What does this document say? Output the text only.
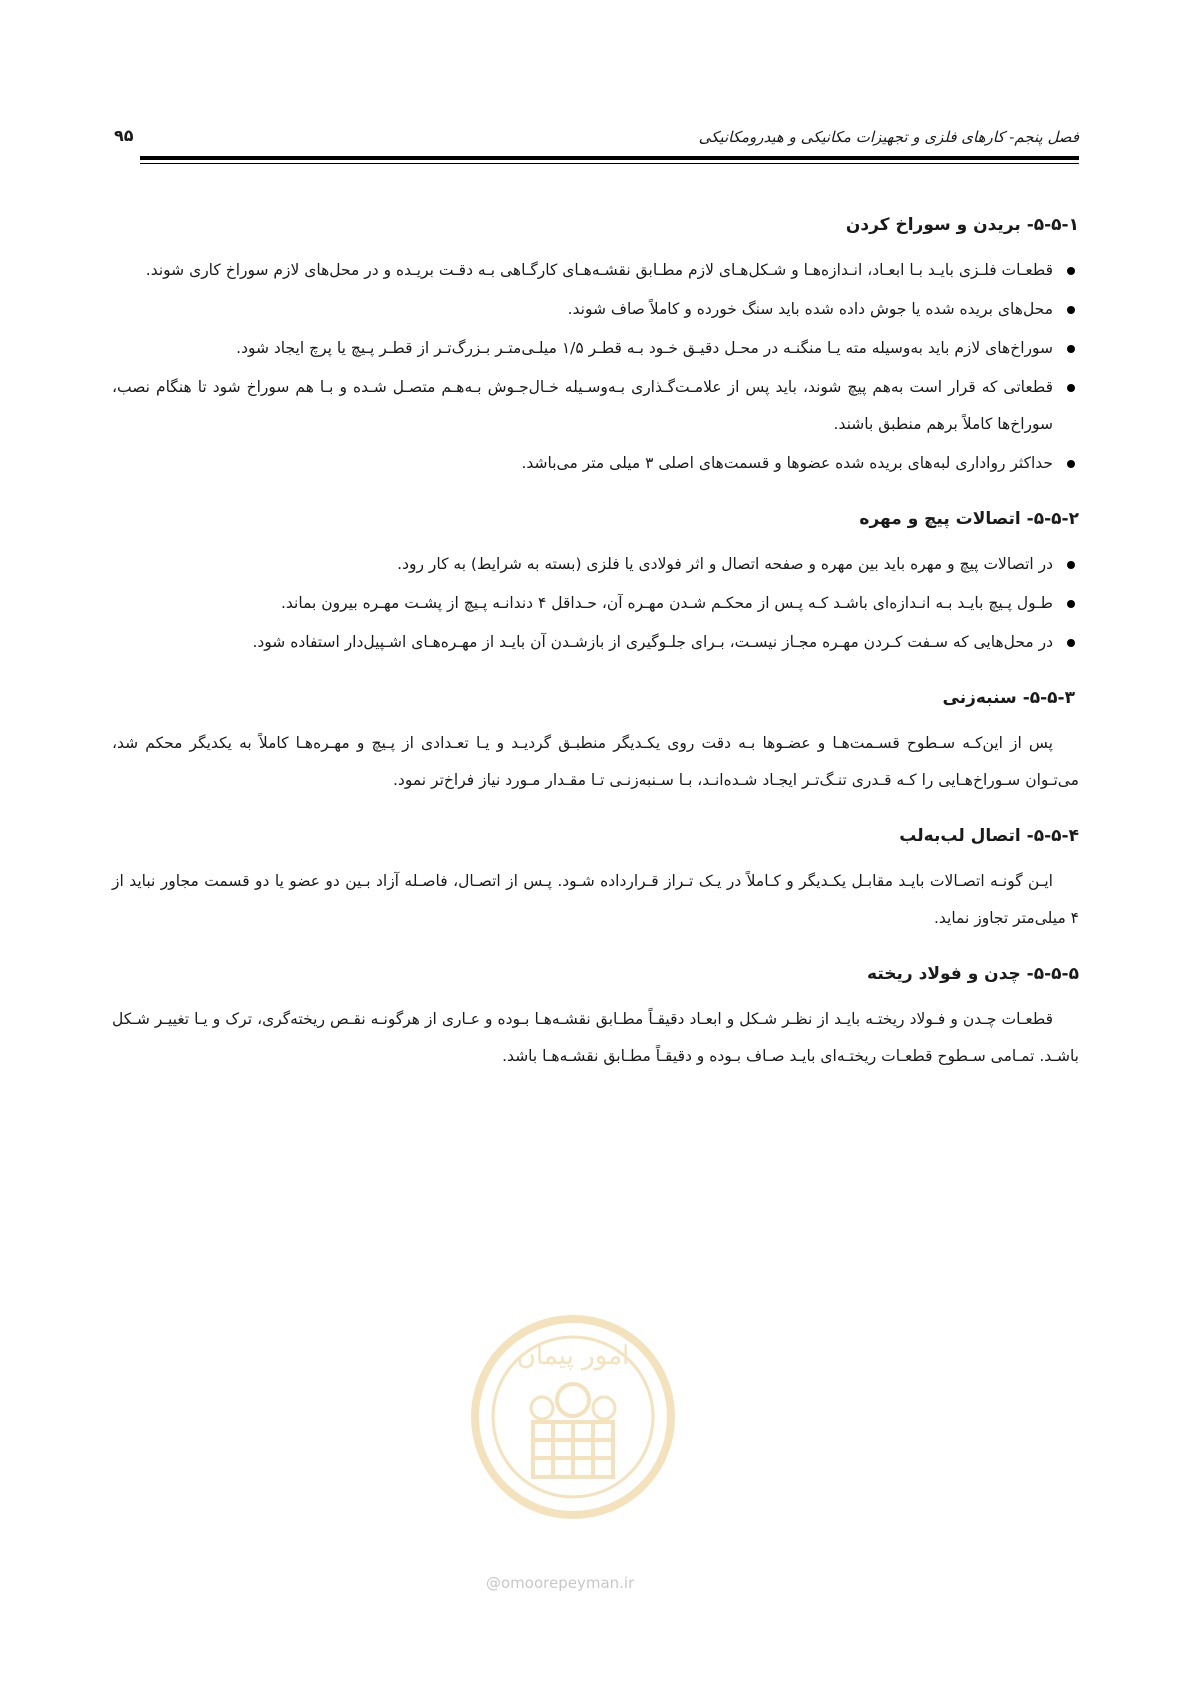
فصل پنجم- کارهای فلزی و تجهیزات مکانیکی و هیدرومکانیکی
۹۵
۵-۵-۱- بریدن و سوراخ کردن
قطعـات فلـزی بایـد بـا ابعـاد، انـدازه‌هـا و شـکل‌هـای لازم مطـابق نقشـه‌هـای کارگـاهی بـه دقـت بریـده و در محل‌های لازم سوراخ کاری شوند.
محل‌های بریده شده یا جوش داده شده باید سنگ خورده و کاملاً صاف شوند.
سوراخ‌های لازم باید به‌وسیله مته یـا منگنـه در محـل دقیـق خـود بـه قطـر ۱/۵ میلـی‌متـر بـزرگ‌تـر از قطـر پـیچ یا پرچ ایجاد شود.
قطعاتی که قرار است به‌هم پیچ شوند، باید پس از علامـت‌گـذاری بـه‌وسـیله خـال‌جـوش بـه‌هـم متصـل شـده و بـا هم سوراخ شود تا هنگام نصب، سوراخ‌ها کاملاً برهم منطبق باشند.
حداکثر رواداری لبه‌های بریده شده عضوها و قسمت‌های اصلی ۳ میلی متر می‌باشد.
۵-۵-۲- اتصالات پیچ و مهره
در اتصالات پیچ و مهره باید بین مهره و صفحه اتصال و اثر فولادی یا فلزی (بسته به شرایط) به کار رود.
طـول پـیچ بایـد بـه انـدازه‌ای باشـد کـه پـس از محکـم شـدن مهـره آن، حـداقل ۴ دندانـه پـیچ از پشـت مهـره بیرون بماند.
در محل‌هایی که سـفت کـردن مهـره مجـاز نیسـت، بـرای جلـوگیری از بازشـدن آن بایـد از مهـره‌هـای اشـپیل‌دار استفاده شود.
۵-۵-۳- سنبه‌زنی

پس از این‌کـه سـطوح قسـمت‌هـا و عضـوها بـه دقت روی یکـدیگر منطبـق گردیـد و یـا تعـدادی از پـیچ و مهـره‌هـا کاملاً به یکدیگر محکم شد، می‌تـوان سـوراخ‌هـایی را کـه قـدری تنـگ‌تـر ایجـاد شـده‌انـد، بـا سـنبه‌زنـی تـا مقـدار مـورد نیاز فراخ‌تر نمود.

۵-۵-۴- اتصال لب‌به‌لب

ایـن گونـه اتصـالات بایـد مقابـل یکـدیگر و کـاملاً در یـک تـراز قـرارداده شـود. پـس از اتصـال، فاصـله آزاد بـین دو عضو یا دو قسمت مجاور نباید از ۴ میلی‌متر تجاوز نماید.

۵-۵-۵- چدن و فولاد ریخته

قطعـات چـدن و فـولاد ریختـه بایـد از نظـر شـکل و ابعـاد دقیقـاً مطـابق نقشـه‌هـا بـوده و عـاری از هرگونـه نقـص ریخته‌گری، ترک و یـا تغییـر شـکل باشـد. تمـامی سـطوح قطعـات ریختـه‌ای بایـد صـاف بـوده و دقیقـاً مطـابق نقشـه‌هـا باشد.

امور پیمان
@omoorepeyman.ir
